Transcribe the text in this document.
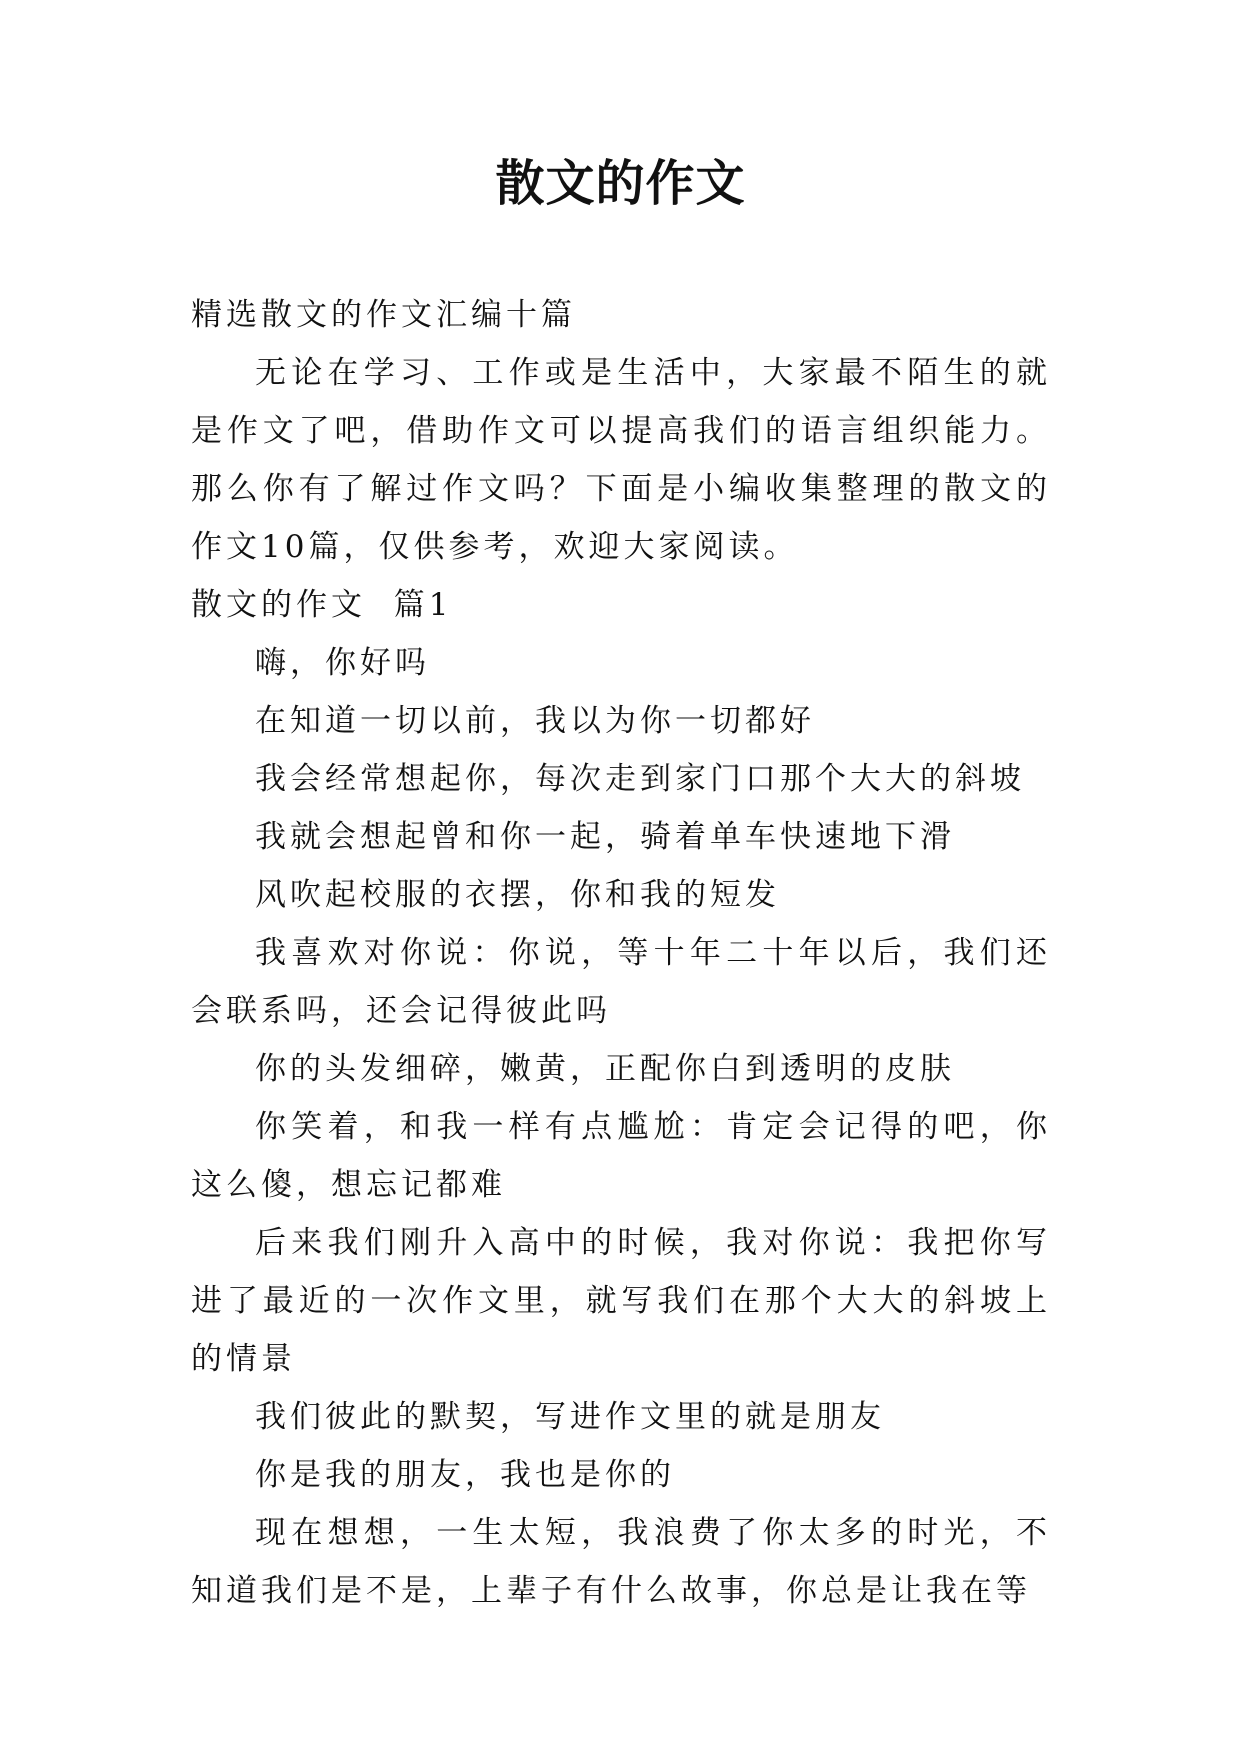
散文的作文

精选散文的作文汇编十篇

无论在学习、工作或是生活中，大家最不陌生的就是作文了吧，借助作文可以提高我们的语言组织能力。那么你有了解过作文吗？下面是小编收集整理的散文的作文10篇，仅供参考，欢迎大家阅读。

散文的作文  篇1

嗨，你好吗

在知道一切以前，我以为你一切都好

我会经常想起你，每次走到家门口那个大大的斜坡

我就会想起曾和你一起，骑着单车快速地下滑

风吹起校服的衣摆，你和我的短发

我喜欢对你说：你说，等十年二十年以后，我们还会联系吗，还会记得彼此吗

你的头发细碎，嫩黄，正配你白到透明的皮肤

你笑着，和我一样有点尴尬：肯定会记得的吧，你这么傻，想忘记都难

后来我们刚升入高中的时候，我对你说：我把你写进了最近的一次作文里，就写我们在那个大大的斜坡上的情景

我们彼此的默契，写进作文里的就是朋友

你是我的朋友，我也是你的

现在想想，一生太短，我浪费了你太多的时光，不知道我们是不是，上辈子有什么故事，你总是让我在等
